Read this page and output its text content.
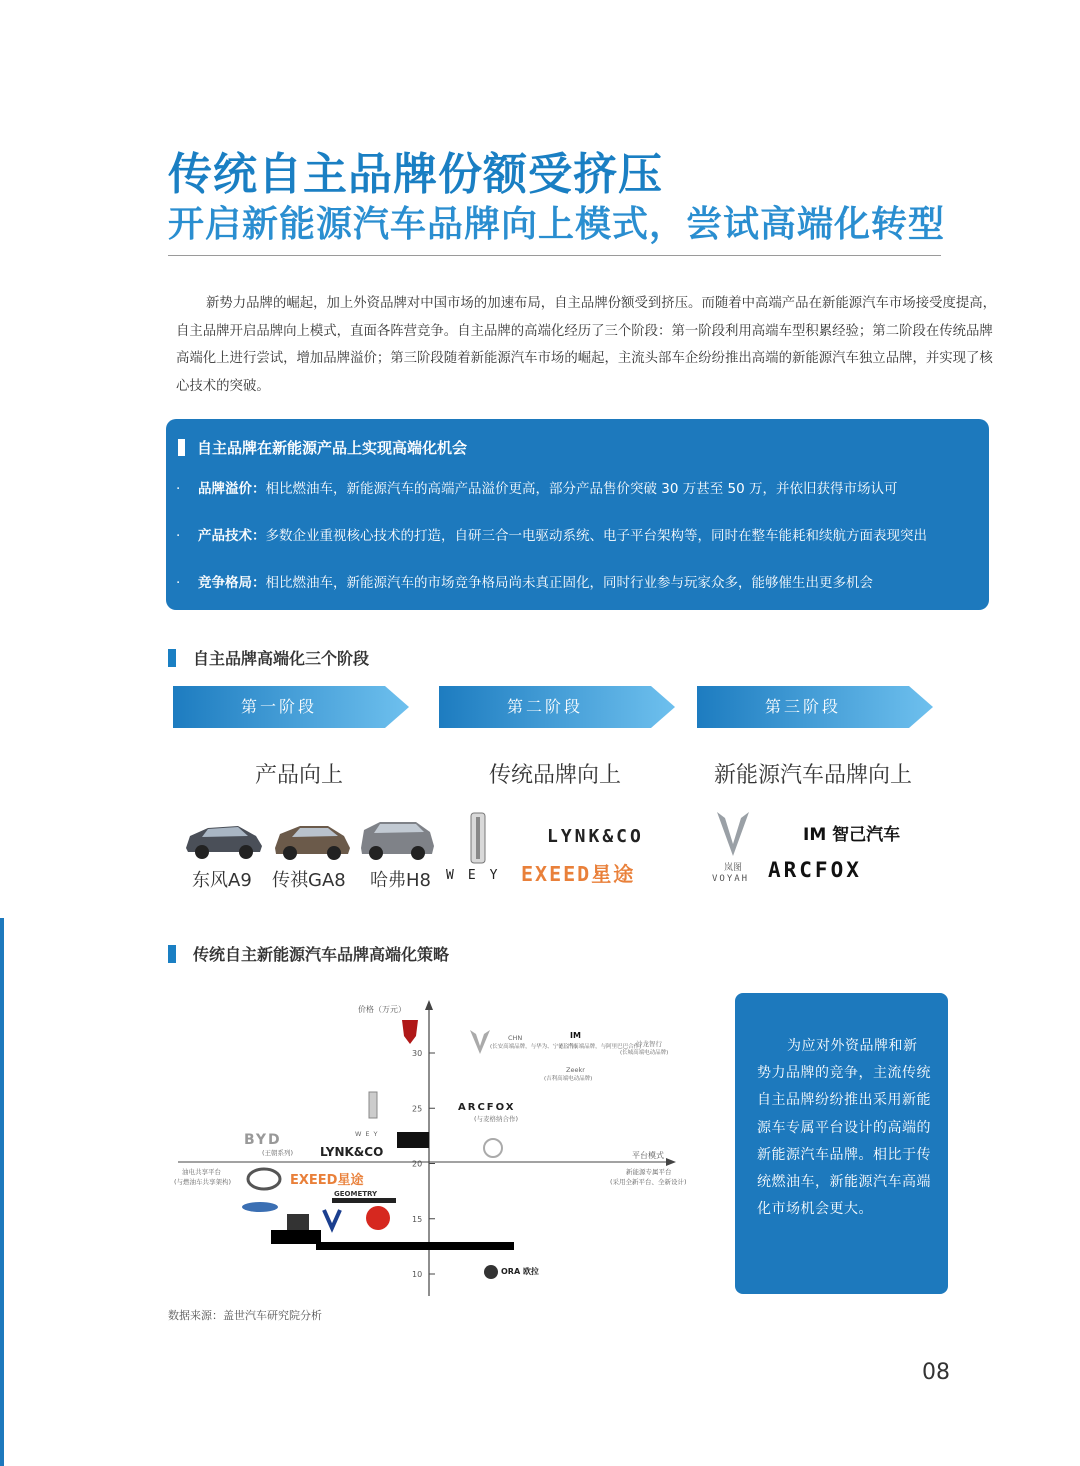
传统自主品牌份额受挤压
开启新能源汽车品牌向上模式，尝试高端化转型

新势力品牌的崛起，加上外资品牌对中国市场的加速布局，自主品牌份额受到挤压。而随着中高端产品在新能源汽车市场接受度提高，自主品牌开启品牌向上模式，直面各阵营竞争。自主品牌的高端化经历了三个阶段：第一阶段利用高端车型积累经验；第二阶段在传统品牌高端化上进行尝试，增加品牌溢价；第三阶段随着新能源汽车市场的崛起，主流头部车企纷纷推出高端的新能源汽车独立品牌，并实现了核心技术的突破。

自主品牌在新能源产品上实现高端化机会
· 品牌溢价：相比燃油车，新能源汽车的高端产品溢价更高，部分产品售价突破 30 万甚至 50 万，并依旧获得市场认可
· 产品技术：多数企业重视核心技术的打造，自研三合一电驱动系统、电子平台架构等，同时在整车能耗和续航方面表现突出
· 竞争格局：相比燃油车，新能源汽车的市场竞争格局尚未真正固化，同时行业参与玩家众多，能够催生出更多机会
自主品牌高端化三个阶段
第一阶段	第二阶段	第三阶段
产品向上	传统品牌向上	新能源汽车品牌向上
东风A9 传祺GA8 哈弗H8 WEY
LYNK&CO
EXEED星途	岚图
VOYAH
IM 智己汽车
ARCFOX
传统自主新能源汽车品牌高端化策略
价格（万元）
平台模式
油电共享平台
(与燃油车共享架构)
新能源专属平台
(采用全新平台、全新设计)
10
15
20
25
30
WEY
BYD
(王朝系列) LYNK&CO
EXEED星途
GEOMETRY
CHN
(长安高端品牌，与华为、宁德合作)
IM
(上汽高端品牌，与阿里巴巴合作)
沙龙智行
(长城高端电动品牌)
Zeekr
(吉利高端电动品牌)
ARCFOX
(与麦格纳合作)
ORA 欧拉

为应对外资品牌和新势力品牌的竞争，主流传统自主品牌纷纷推出采用新能源车专属平台设计的高端的新能源汽车品牌。相比于传统燃油车，新能源汽车高端化市场机会更大。

数据来源：盖世汽车研究院分析
08
